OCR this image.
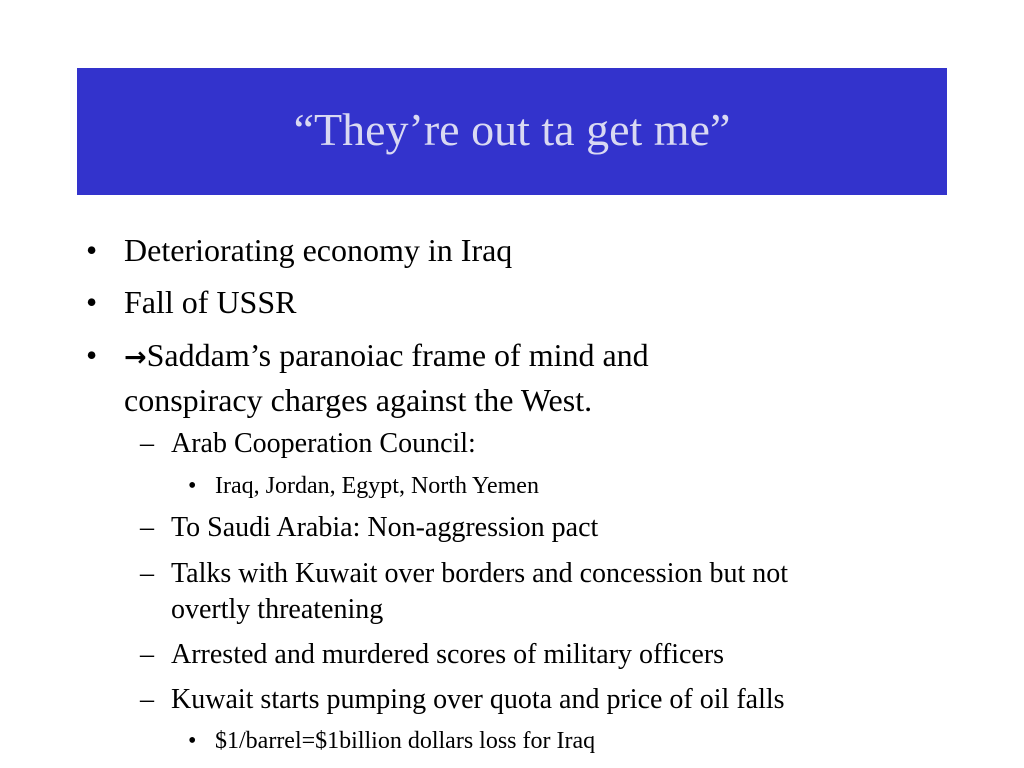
“They’re out ta get me”
• Deteriorating economy in Iraq
• Fall of USSR
• →Saddam’s paranoiac frame of mind and
conspiracy charges against the West.
– Arab Cooperation Council:
• Iraq, Jordan, Egypt, North Yemen
– To Saudi Arabia: Non-aggression pact
– Talks with Kuwait over borders and concession but not
overtly threatening
– Arrested and murdered scores of military officers
– Kuwait starts pumping over quota and price of oil falls
• $1/barrel=$1billion dollars loss for Iraq
